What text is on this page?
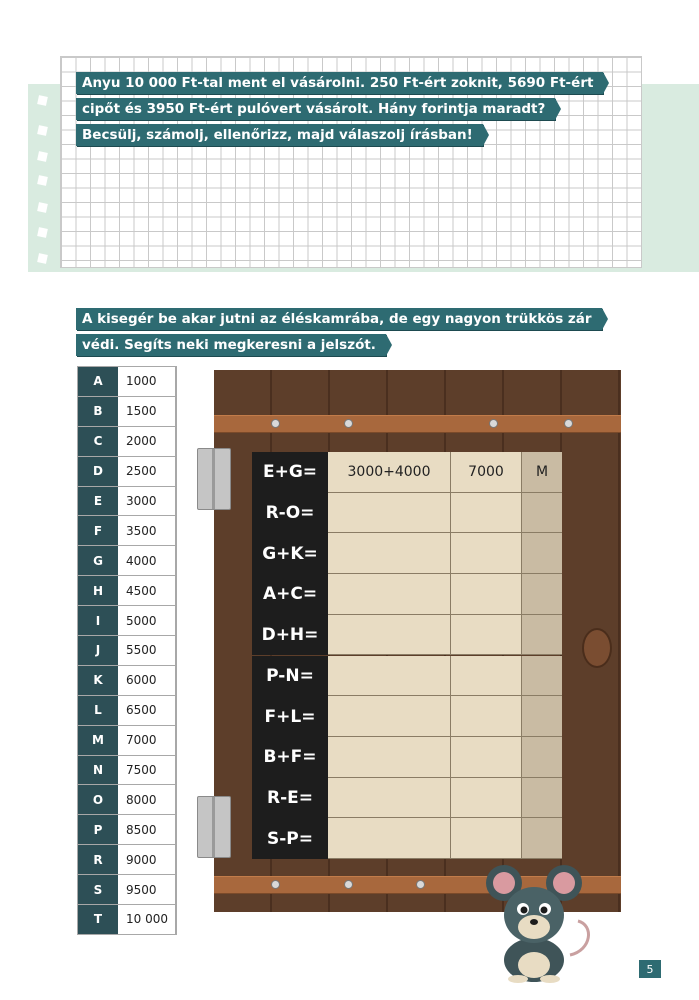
Anyu 10 000 Ft-tal ment el vásárolni. 250 Ft-ért zoknit, 5690 Ft-ért
cipőt és 3950 Ft-ért pulóvert vásárolt. Hány forintja maradt?
Becsülj, számolj, ellenőrizz, majd válaszolj írásban!
A kisegér be akar jutni az éléskamrába, de egy nagyon trükkös zár
védi. Segíts neki megkeresni a jelszót.
A	1000
B	1500
C	2000
D	2500
E	3000
F	3500
G	4000
H	4500
I	5000
J	5500
K	6000
L	6500
M	7000
N	7500
O	8000
P	8500
R	9000
S	9500
T	10 000
E+G=	3000+4000	7000	M
R-O=
G+K=
A+C=
D+H=
P-N=
F+L=
B+F=
R-E=
S-P=
5
